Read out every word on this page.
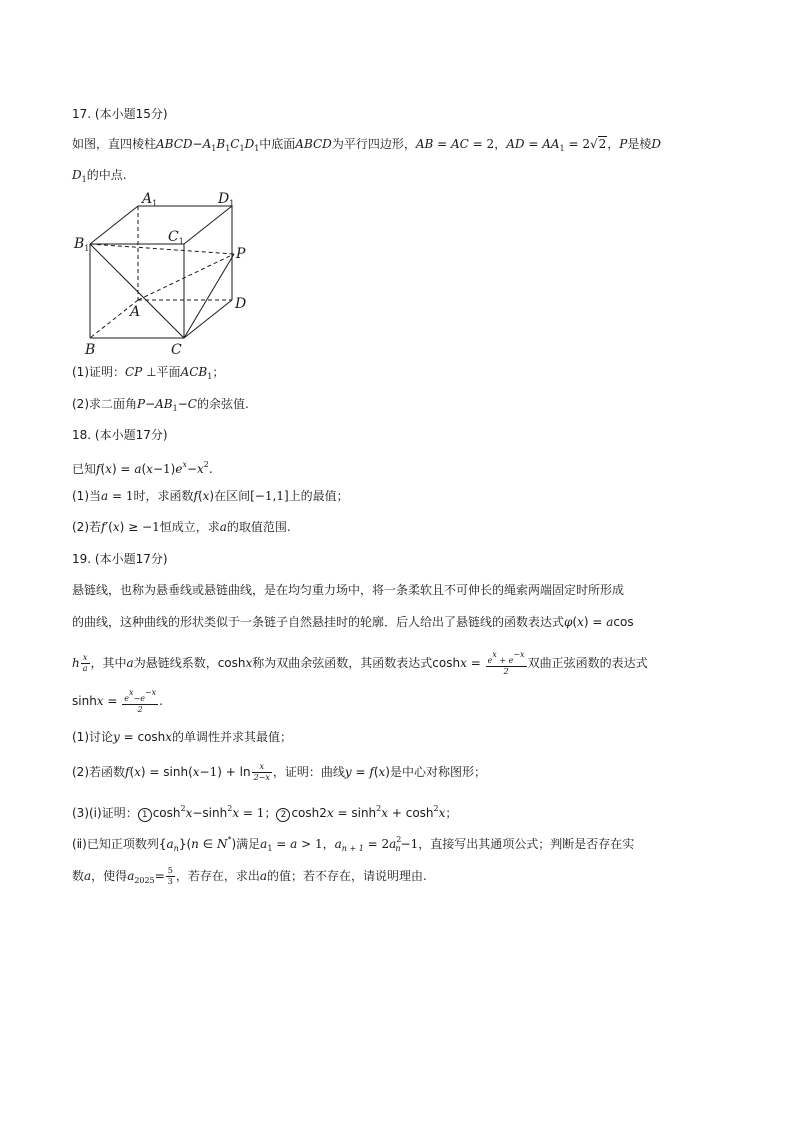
17. (本小题15分)
如图，直四棱柱$ABCD-A_1B_1C_1D_1$中底面ABCD为平行四边形，AB = AC = 2，AD = $AA_1 = 2√2$，P是棱D
$D_1$的中点.
$A_1$	$D_1$
$B_1$
$C_1$
P
A	D
B	C
(1)证明：CP ⊥平面$ACB_1$；
(2)求二面角$P-AB_1-C$的余弦值.
18. (本小题17分)
已知$f(x) = a(x-1)e^x-x^2$.
(1)当a = 1时，求函数f(x)在区间[−1,1]上的最值；
(2)若f′(x) ≥ −1恒成立，求a的取值范围.
19. (本小题17分)
悬链线，也称为悬垂线或悬链曲线，是在均匀重力场中，将一条柔软且不可伸长的绳索两端固定时所形成
的曲线，这种曲线的形状类似于一条链子自然悬挂时的轮廓．后人给出了悬链线的函数表达式φ(x) = acos
h $\frac{x}{a}$ ，其中a为悬链线系数，coshx称为双曲余弦函数，其函数表达式$\cosh x = \frac{e^x + e^{-x}}{2}$ 双曲正弦函数的表达式
$\sinh x = \frac{e^x-e^{-x}}{2}$ .
(1)讨论y = coshx的单调性并求其最值；
(2)若函数$f(x) = \sinh(x-1) + \ln \frac{x}{2-x}$ ，证明：曲线y = f(x)是中心对称图形；
(3)(ⅰ)证明： 1 $\cosh^2x-\sinh^2x = 1$； 2 $\cosh 2x = \sinh^2x + \cosh^2x$；
(ⅱ)已知正项数列$\{a_n\}(n$ ∈ N*)满足$a_1 = a > 1$，$a_{n + 1} = 2a^2_n-1$，直接写出其通项公式；判断是否存在实
数a，使得$a_{2025}= \frac{5}{3}$ ，若存在，求出a的值；若不存在，请说明理由.
